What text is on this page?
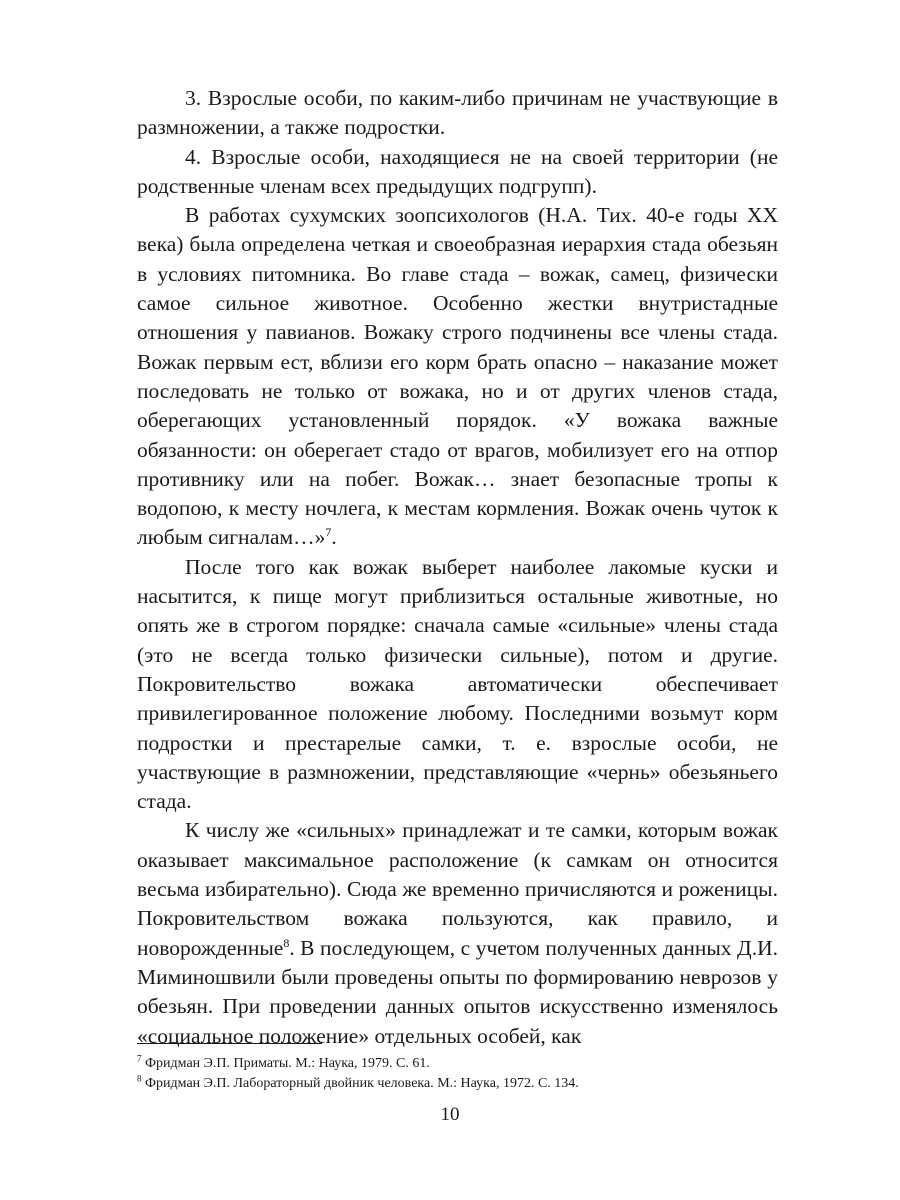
3. Взрослые особи, по каким-либо причинам не участвующие в размножении, а также подростки.

4. Взрослые особи, находящиеся не на своей территории (не родственные членам всех предыдущих подгрупп).

В работах сухумских зоопсихологов (Н.А. Тих. 40-е годы XX века) была определена четкая и своеобразная иерархия стада обезьян в условиях питомника. Во главе стада – вожак, самец, физически самое сильное животное. Особенно жестки внутристадные отношения у павианов. Вожаку строго подчинены все члены стада. Вожак первым ест, вблизи его корм брать опасно – наказание может последовать не только от вожака, но и от других членов стада, оберегающих установленный порядок. «У вожака важные обязанности: он оберегает стадо от врагов, мобилизует его на отпор противнику или на побег. Вожак… знает безопасные тропы к водопою, к месту ночлега, к местам кормления. Вожак очень чуток к любым сигналам…»$^7$.

После того как вожак выберет наиболее лакомые куски и насытится, к пище могут приблизиться остальные животные, но опять же в строгом порядке: сначала самые «сильные» члены стада (это не всегда только физически сильные), потом и другие. Покровительство вожака автоматически обеспечивает привилегированное положение любому. Последними возьмут корм подростки и престарелые самки, т. е. взрослые особи, не участвующие в размножении, представляющие «чернь» обезьяньего стада.

К числу же «сильных» принадлежат и те самки, которым вожак оказывает максимальное расположение (к самкам он относится весьма избирательно). Сюда же временно причисляются и роженицы. Покровительством вожака пользуются, как правило, и новорожденные$^8$. В последующем, с учетом полученных данных Д.И. Миминошвили были проведены опыты по формированию неврозов у обезьян. При проведении данных опытов искусственно изменялось «социальное положение» отдельных особей, как

$^7$ Фридман Э.П. Приматы. М.: Наука, 1979. С. 61.

$^8$ Фридман Э.П. Лабораторный двойник человека. М.: Наука, 1972. С. 134.

10
